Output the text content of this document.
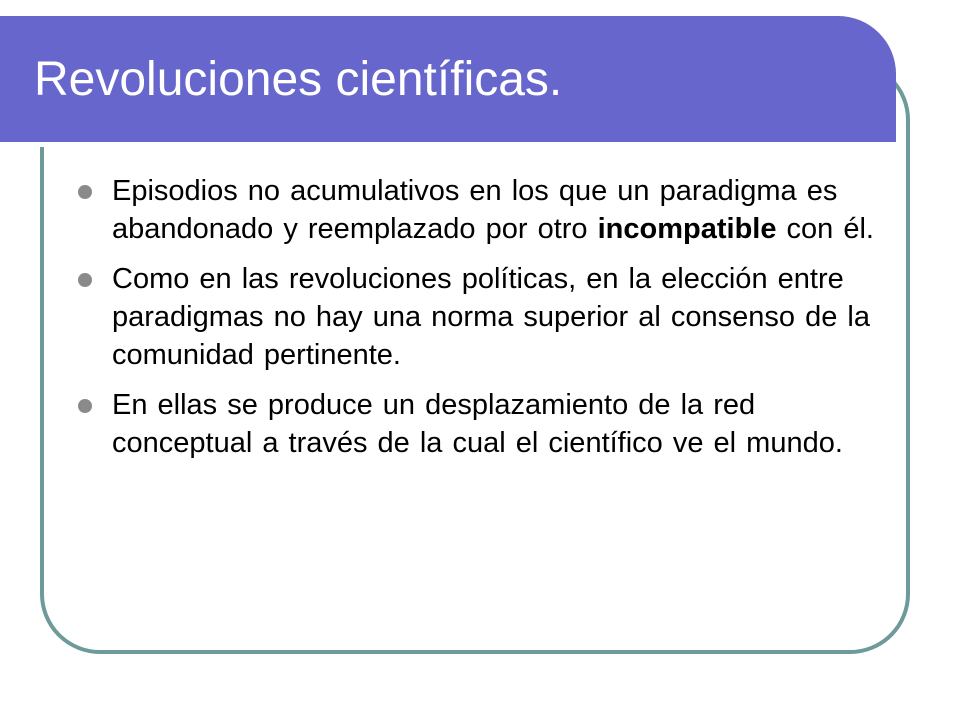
Revoluciones científicas.
Episodios no acumulativos en los que un paradigma es abandonado y reemplazado por otro incompatible con él.
Como en las revoluciones políticas, en la elección entre paradigmas no hay una norma superior al consenso de la comunidad pertinente.
En ellas se produce un desplazamiento de la red conceptual a través de la cual el científico ve el mundo.
